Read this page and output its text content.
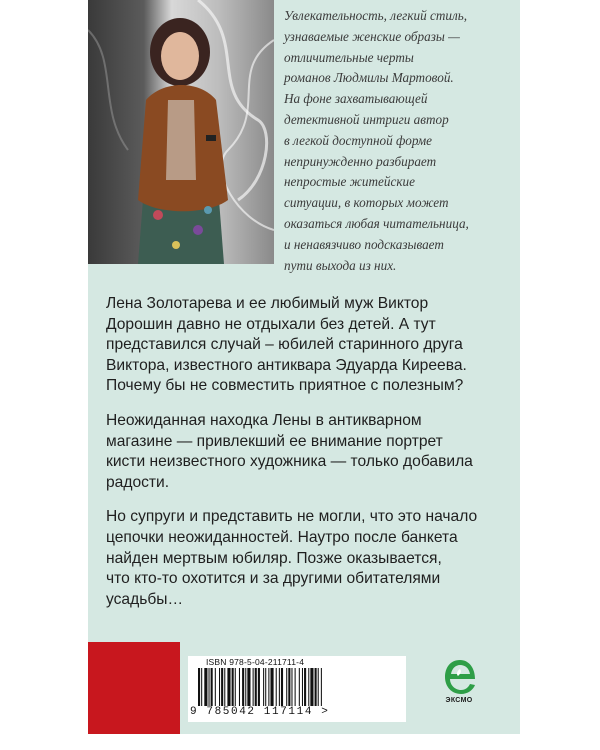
Увлекательность, легкий стиль,
узнаваемые женские образы —
отличительные черты
романов Людмилы Мартовой.
На фоне захватывающей
детективной интриги автор
в легкой доступной форме
непринужденно разбирает
непростые житейские
ситуации, в которых может
оказаться любая читательница,
и ненавязчиво подсказывает
пути выхода из них.

Лена Золотарева и ее любимый муж Виктор
Дорошин давно не отдыхали без детей. А тут
представился случай – юбилей старинного друга
Виктора, известного антиквара Эдуарда Киреева.
Почему бы не совместить приятное с полезным?

Неожиданная находка Лены в антикварном
магазине — привлекший ее внимание портрет
кисти неизвестного художника — только добавила
радости.

Но супруги и представить не могли, что это начало
цепочки неожиданностей. Наутро после банкета
найден мертвым юбиляр. Позже оказывается,
что кто-то охотится и за другими обитателями
усадьбы…

ISBN 978-5-04-211711-4
9 785042 117114 >
ЭКСМО
